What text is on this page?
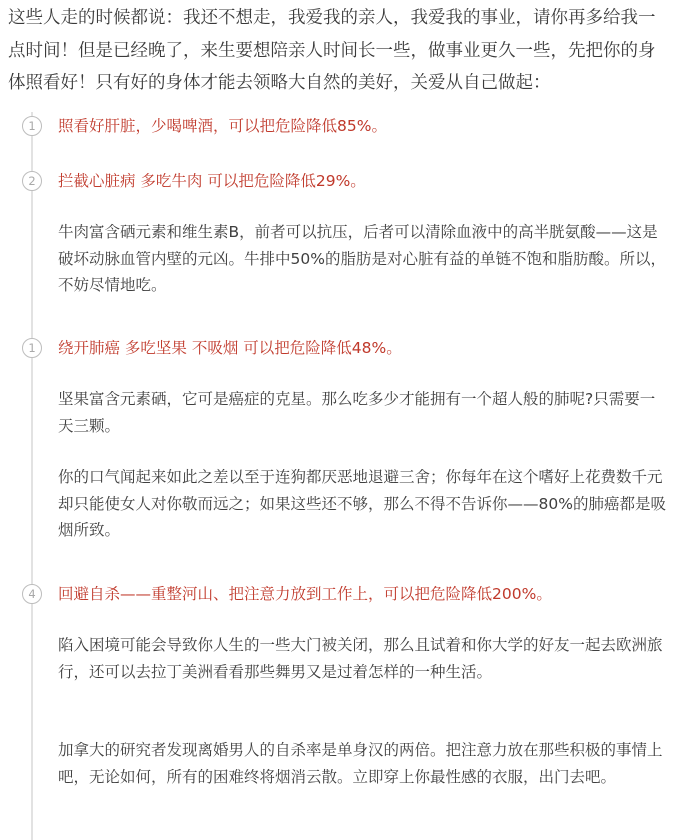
这些人走的时候都说：我还不想走，我爱我的亲人，我爱我的事业，请你再多给我一点时间！但是已经晚了，来生要想陪亲人时间长一些，做事业更久一些，先把你的身体照看好！只有好的身体才能去领略大自然的美好，关爱从自己做起：

1	照看好肝脏，少喝啤酒，可以把危险降低85%。

2	拦截心脏病 多吃牛肉 可以把危险降低29%。

牛肉富含硒元素和维生素B，前者可以抗压，后者可以清除血液中的高半胱氨酸——这是破坏动脉血管内壁的元凶。牛排中50%的脂肪是对心脏有益的单链不饱和脂肪酸。所以，不妨尽情地吃。

1	绕开肺癌 多吃坚果 不吸烟 可以把危险降低48%。

坚果富含元素硒，它可是癌症的克星。那么吃多少才能拥有一个超人般的肺呢?只需要一天三颗。

你的口气闻起来如此之差以至于连狗都厌恶地退避三舍；你每年在这个嗜好上花费数千元却只能使女人对你敬而远之；如果这些还不够，那么不得不告诉你——80%的肺癌都是吸烟所致。

4	回避自杀——重整河山、把注意力放到工作上，可以把危险降低200%。

陷入困境可能会导致你人生的一些大门被关闭，那么且试着和你大学的好友一起去欧洲旅行，还可以去拉丁美洲看看那些舞男又是过着怎样的一种生活。

加拿大的研究者发现离婚男人的自杀率是单身汉的两倍。把注意力放在那些积极的事情上吧，无论如何，所有的困难终将烟消云散。立即穿上你最性感的衣服，出门去吧。
